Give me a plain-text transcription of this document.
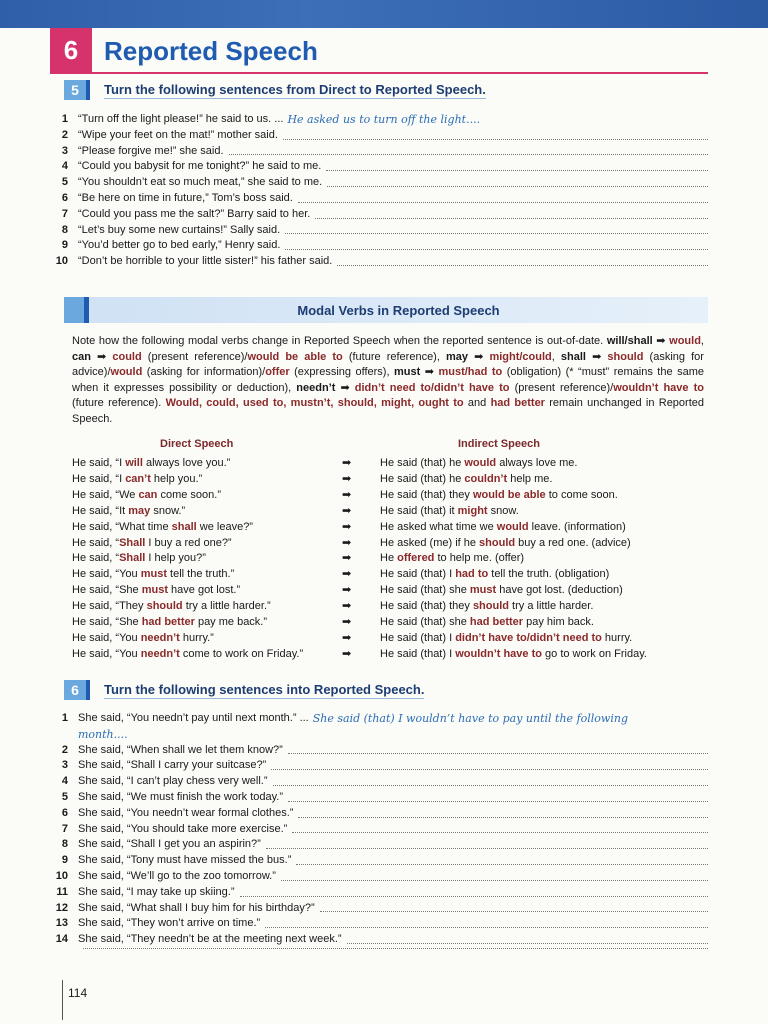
6 Reported Speech
5	Turn the following sentences from Direct to Reported Speech.
1 “Turn off the light please!” he said to us. ... He asked us to turn off the light....
2 “Wipe your feet on the mat!” mother said.
3 “Please forgive me!” she said.
4 “Could you babysit for me tonight?” he said to me.
5 “You shouldn’t eat so much meat,” she said to me.
6 “Be here on time in future,” Tom’s boss said.
7 “Could you pass me the salt?” Barry said to her.
8 “Let’s buy some new curtains!” Sally said.
9 “You’d better go to bed early,” Henry said.
10 “Don’t be horrible to your little sister!” his father said.
Modal Verbs in Reported Speech
Note how the following modal verbs change in Reported Speech when the reported sentence is out-of-date. will/shall ➡ would, can ➡ could (present reference)/would be able to (future reference), may ➡ might/could, shall ➡ should (asking for advice)/would (asking for information)/offer (expressing offers), must ➡ must/had to (obligation) (* “must” remains the same when it expresses possibility or deduction), needn’t ➡ didn’t need to/didn’t have to (present reference)/wouldn’t have to (future reference). Would, could, used to, mustn’t, should, might, ought to and had better remain unchanged in Reported Speech.
Direct Speech	Indirect Speech
He said, “I will always love you.”	➡	He said (that) he would always love me.
He said, “I can’t help you.”	➡	He said (that) he couldn’t help me.
He said, “We can come soon.”	➡	He said (that) they would be able to come soon.
He said, “It may snow.”	➡	He said (that) it might snow.
He said, “What time shall we leave?”	➡	He asked what time we would leave. (information)
He said, “Shall I buy a red one?”	➡	He asked (me) if he should buy a red one. (advice)
He said, “Shall I help you?”	➡	He offered to help me. (offer)
He said, “You must tell the truth.”	➡	He said (that) I had to tell the truth. (obligation)
He said, “She must have got lost.”	➡	He said (that) she must have got lost. (deduction)
He said, “They should try a little harder.”	➡	He said (that) they should try a little harder.
He said, “She had better pay me back.”	➡	He said (that) she had better pay him back.
He said, “You needn’t hurry.”	➡	He said (that) I didn’t have to/didn’t need to hurry.
He said, “You needn’t come to work on Friday.”	➡	He said (that) I wouldn’t have to go to work on Friday.
6	Turn the following sentences into Reported Speech.
1 She said, “You needn’t pay until next month.” ... She said (that) I wouldn’t have to pay until the following
month....
2 She said, “When shall we let them know?”
3 She said, “Shall I carry your suitcase?”
4 She said, “I can’t play chess very well.”
5 She said, “We must finish the work today.”
6 She said, “You needn’t wear formal clothes.”
7 She said, “You should take more exercise.”
8 She said, “Shall I get you an aspirin?”
9 She said, “Tony must have missed the bus.”
10 She said, “We’ll go to the zoo tomorrow.”
11 She said, “I may take up skiing.”
12 She said, “What shall I buy him for his birthday?”
13 She said, “They won’t arrive on time.”
14 She said, “They needn’t be at the meeting next week.”
114
